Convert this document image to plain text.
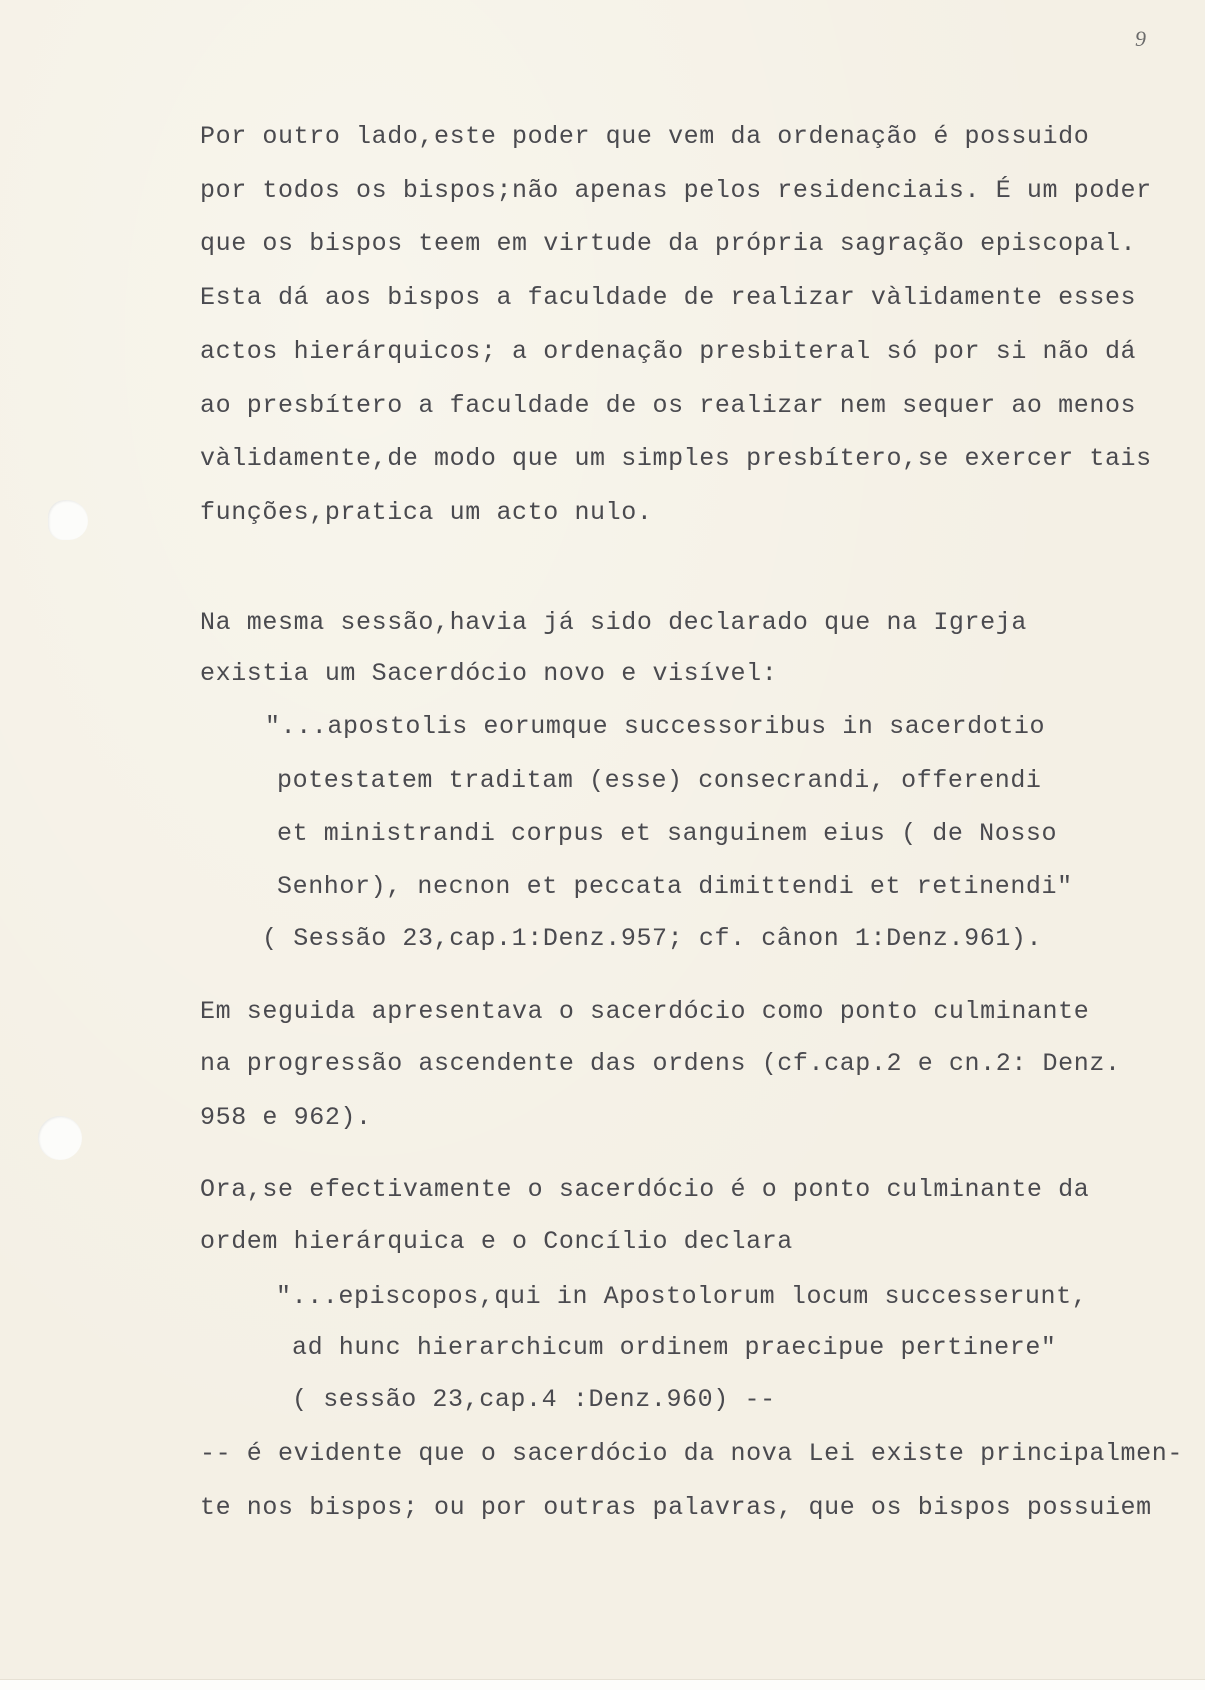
9
Por outro lado,este poder que vem da ordenação é possuido
por todos os bispos;não apenas pelos residenciais. É um poder
que os bispos teem em virtude da própria sagração episcopal.
Esta dá aos bispos a faculdade de realizar vàlidamente esses
actos hierárquicos; a ordenação presbiteral só por si não dá
ao presbítero a faculdade de os realizar nem sequer ao menos
vàlidamente,de modo que um simples presbítero,se exercer tais
funções,pratica um acto nulo.
Na mesma sessão,havia já sido declarado que na Igreja
existia um Sacerdócio novo e visível:
"...apostolis eorumque successoribus in sacerdotio
potestatem traditam (esse) consecrandi, offerendi
et ministrandi corpus et sanguinem eius ( de Nosso
Senhor), necnon et peccata dimittendi et retinendi"
( Sessão 23,cap.1:Denz.957; cf. cânon 1:Denz.961).
Em seguida apresentava o sacerdócio como ponto culminante
na progressão ascendente das ordens (cf.cap.2 e cn.2: Denz.
958 e 962).
Ora,se efectivamente o sacerdócio é o ponto culminante da
ordem hierárquica e o Concílio declara
"...episcopos,qui in Apostolorum locum successerunt,
ad hunc hierarchicum ordinem praecipue pertinere"
( sessão 23,cap.4 :Denz.960) --
-- é evidente que o sacerdócio da nova Lei existe principalmen-
te nos bispos; ou por outras palavras, que os bispos possuiem
